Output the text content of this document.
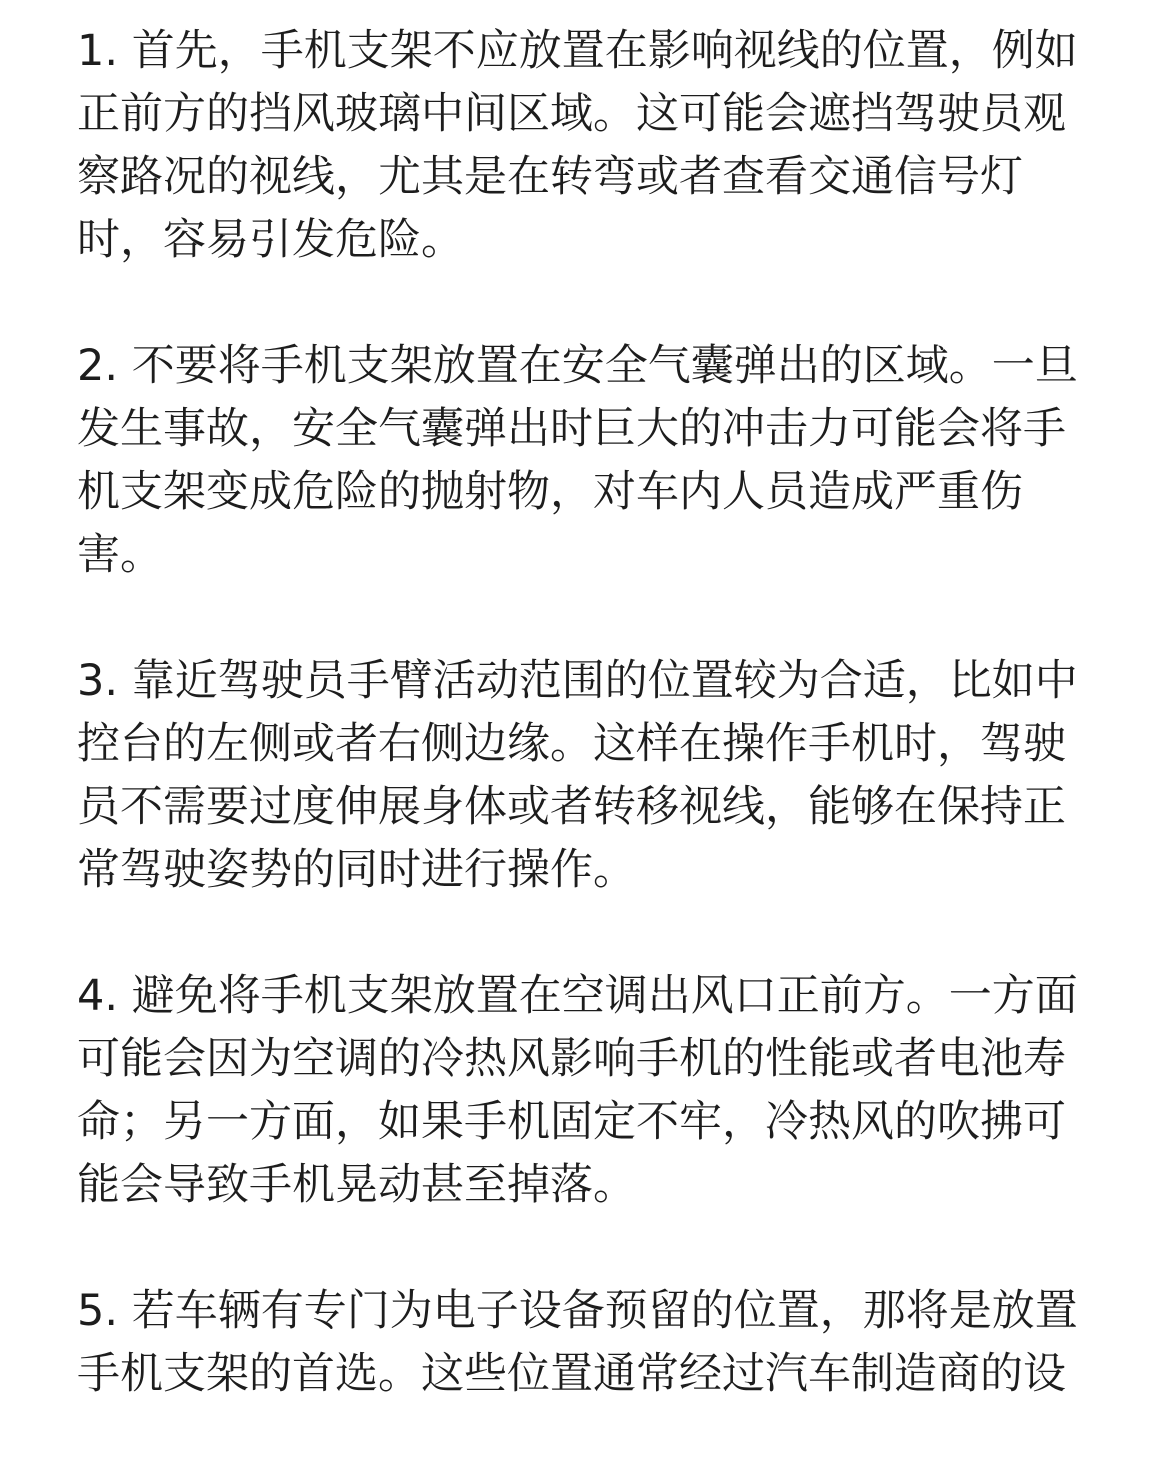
1. 首先，手机支架不应放置在影响视线的位置，例如
正前方的挡风玻璃中间区域。这可能会遮挡驾驶员观
察路况的视线，尤其是在转弯或者查看交通信号灯
时，容易引发危险。
2. 不要将手机支架放置在安全气囊弹出的区域。一旦
发生事故，安全气囊弹出时巨大的冲击力可能会将手
机支架变成危险的抛射物，对车内人员造成严重伤
害。
3. 靠近驾驶员手臂活动范围的位置较为合适，比如中
控台的左侧或者右侧边缘。这样在操作手机时，驾驶
员不需要过度伸展身体或者转移视线，能够在保持正
常驾驶姿势的同时进行操作。
4. 避免将手机支架放置在空调出风口正前方。一方面
可能会因为空调的冷热风影响手机的性能或者电池寿
命；另一方面，如果手机固定不牢，冷热风的吹拂可
能会导致手机晃动甚至掉落。
5. 若车辆有专门为电子设备预留的位置，那将是放置
手机支架的首选。这些位置通常经过汽车制造商的设
